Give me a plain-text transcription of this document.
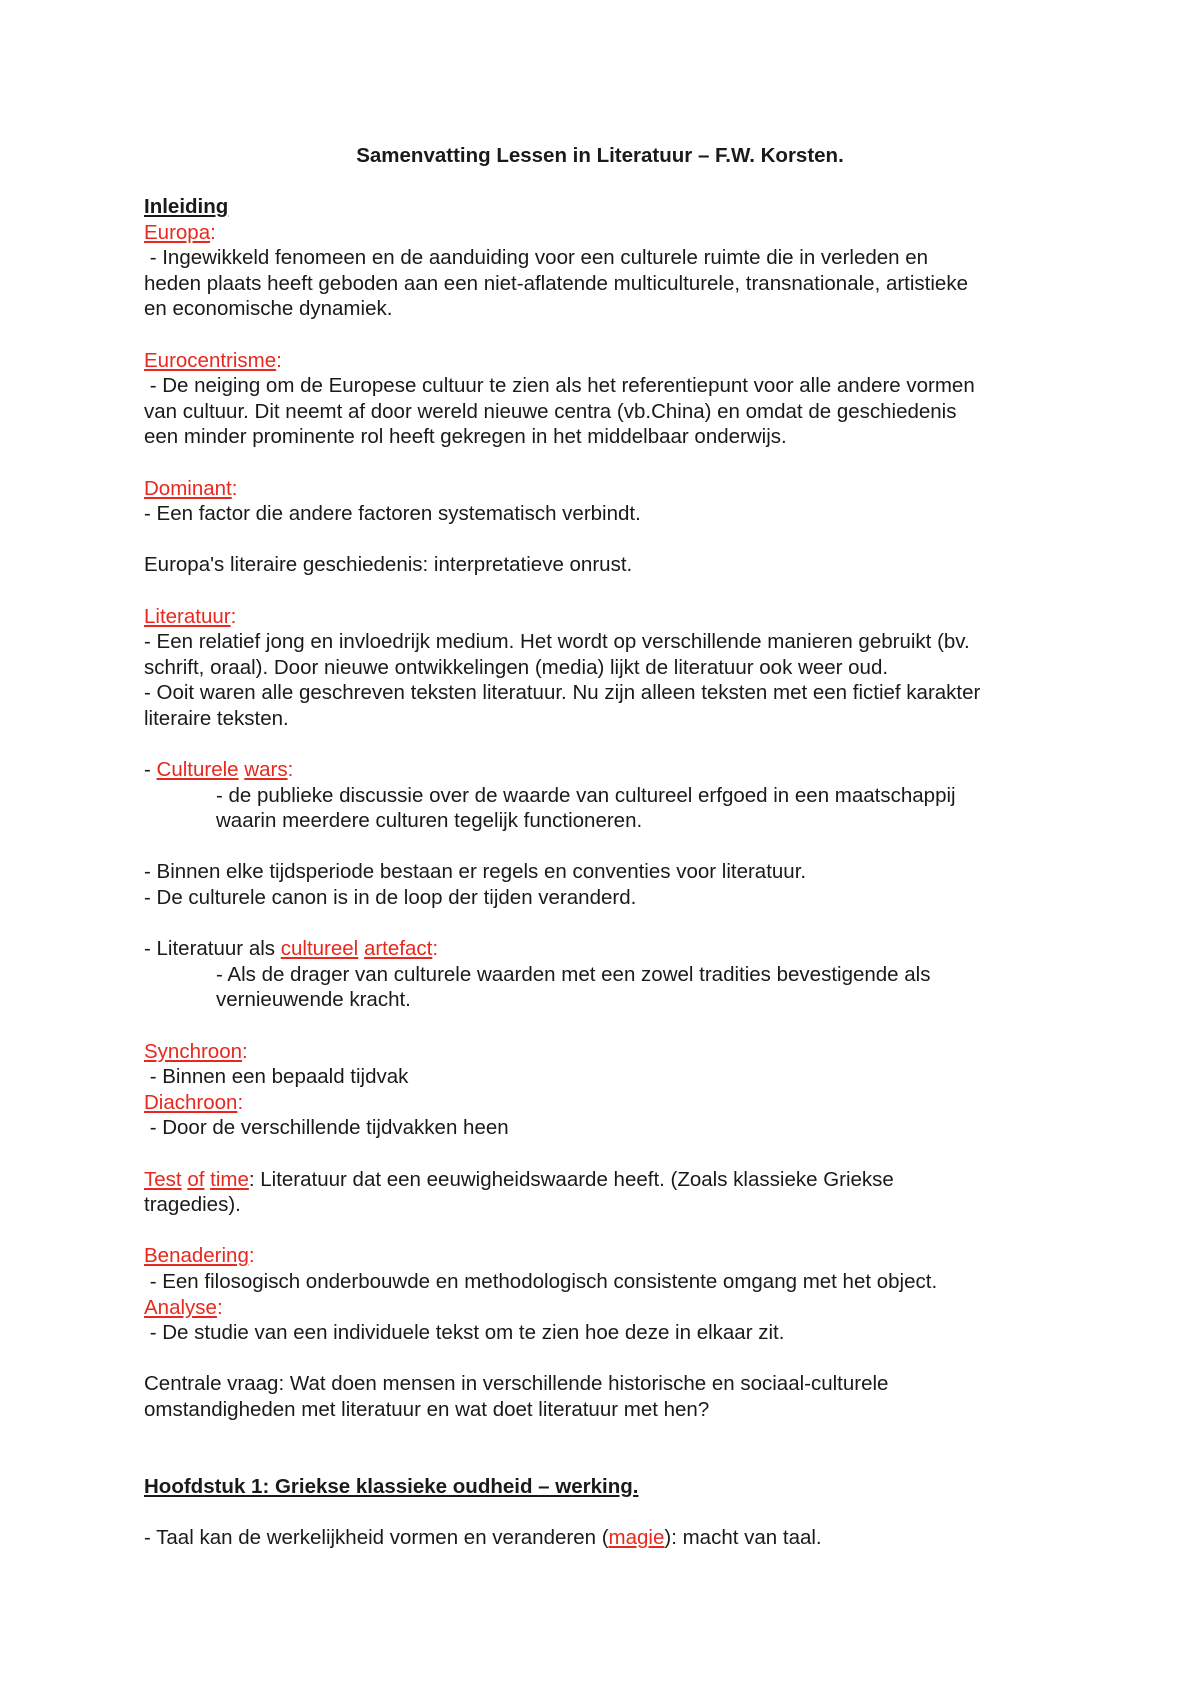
Samenvatting Lessen in Literatuur – F.W. Korsten.

Inleiding

Europa:

- Ingewikkeld fenomeen en de aanduiding voor een culturele ruimte die in verleden en

heden plaats heeft geboden aan een niet-aflatende multiculturele, transnationale, artistieke

en economische dynamiek.

Eurocentrisme:

- De neiging om de Europese cultuur te zien als het referentiepunt voor alle andere vormen

van cultuur. Dit neemt af door wereld nieuwe centra (vb.China) en omdat de geschiedenis

een minder prominente rol heeft gekregen in het middelbaar onderwijs.

Dominant:

- Een factor die andere factoren systematisch verbindt.

Europa's literaire geschiedenis: interpretatieve onrust.

Literatuur:

- Een relatief jong en invloedrijk medium. Het wordt op verschillende manieren gebruikt (bv.

schrift, oraal). Door nieuwe ontwikkelingen (media) lijkt de literatuur ook weer oud.

- Ooit waren alle geschreven teksten literatuur. Nu zijn alleen teksten met een fictief karakter

literaire teksten.

- Culturele wars:

- de publieke discussie over de waarde van cultureel erfgoed in een maatschappij

waarin meerdere culturen tegelijk functioneren.

- Binnen elke tijdsperiode bestaan er regels en conventies voor literatuur.

- De culturele canon is in de loop der tijden veranderd.

- Literatuur als cultureel artefact:

- Als de drager van culturele waarden met een zowel tradities bevestigende als

vernieuwende kracht.

Synchroon:

- Binnen een bepaald tijdvak

Diachroon:

- Door de verschillende tijdvakken heen

Test of time: Literatuur dat een eeuwigheidswaarde heeft. (Zoals klassieke Griekse

tragedies).

Benadering:

- Een filosogisch onderbouwde en methodologisch consistente omgang met het object.

Analyse:

- De studie van een individuele tekst om te zien hoe deze in elkaar zit.

Centrale vraag: Wat doen mensen in verschillende historische en sociaal-culturele

omstandigheden met literatuur en wat doet literatuur met hen?

Hoofdstuk 1: Griekse klassieke oudheid – werking.

- Taal kan de werkelijkheid vormen en veranderen (magie): macht van taal.
